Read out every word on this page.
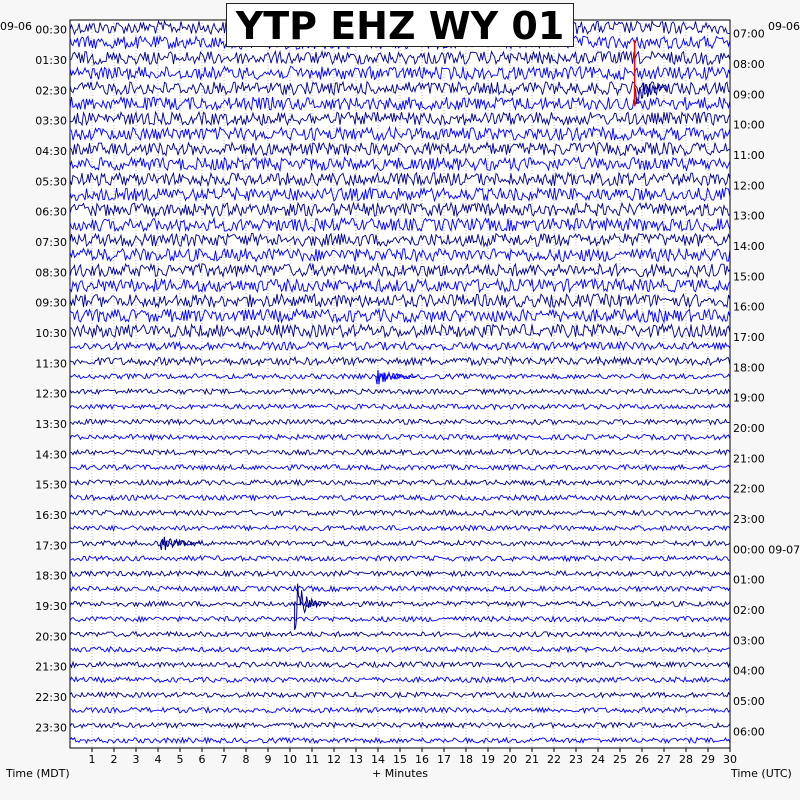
1 2 3 4 5 6 7 8 9 10 11 12 13 14 15 16 17 18 19 20 21 22 23 24 25 26 27 28 29 30
00:30
01:30
02:30
03:30
04:30
05:30
06:30
07:30
08:30
09:30
10:30
11:30
12:30
13:30
14:30
15:30
16:30
17:30
18:30
19:30
20:30
21:30
22:30
23:30
07:00
08:00
09:00
10:00
11:00
12:00
13:00
14:00
15:00
16:00
17:00
18:00
19:00
20:00
21:00
22:00
23:00
00:00 09-07
01:00
02:00
03:00
04:00
05:00
06:00
YTP EHZ WY 01
09-06	09-06
Time (MDT)	+ Minutes	Time (UTC)
